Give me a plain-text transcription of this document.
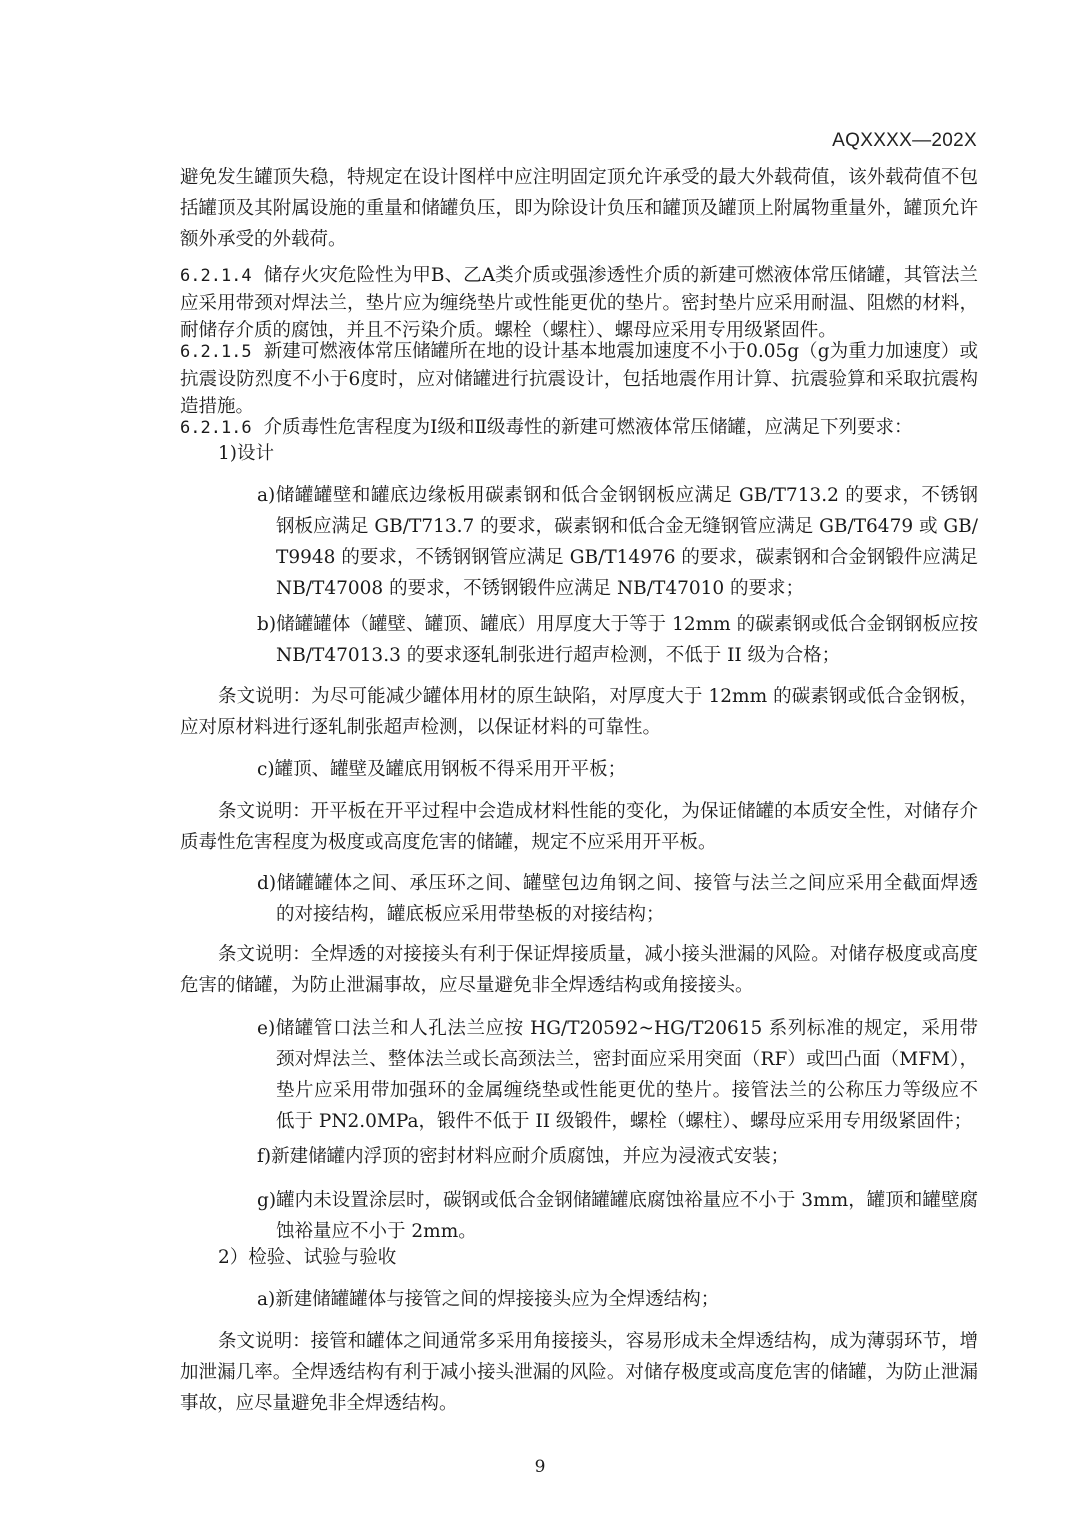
AQXXXX—202X
避免发生罐顶失稳，特规定在设计图样中应注明固定顶允许承受的最大外载荷值，该外载荷值不包括罐顶及其附属设施的重量和储罐负压，即为除设计负压和罐顶及罐顶上附属物重量外，罐顶允许额外承受的外载荷。
6.2.1.4 储存火灾危险性为甲B、乙A类介质或强渗透性介质的新建可燃液体常压储罐，其管法兰应采用带颈对焊法兰，垫片应为缠绕垫片或性能更优的垫片。密封垫片应采用耐温、阻燃的材料，耐储存介质的腐蚀，并且不污染介质。螺栓（螺柱）、螺母应采用专用级紧固件。
6.2.1.5 新建可燃液体常压储罐所在地的设计基本地震加速度不小于0.05g（g为重力加速度）或抗震设防烈度不小于6度时，应对储罐进行抗震设计，包括地震作用计算、抗震验算和采取抗震构造措施。
6.2.1.6 介质毒性危害程度为Ⅰ级和Ⅱ级毒性的新建可燃液体常压储罐，应满足下列要求：
1)设计
a)储罐罐壁和罐底边缘板用碳素钢和低合金钢钢板应满足 GB/T713.2 的要求，不锈钢钢板应满足 GB/T713.7 的要求，碳素钢和低合金无缝钢管应满足 GB/T6479 或 GB/T9948 的要求，不锈钢钢管应满足 GB/T14976 的要求，碳素钢和合金钢锻件应满足 NB/T47008 的要求，不锈钢锻件应满足 NB/T47010 的要求；
b)储罐罐体（罐壁、罐顶、罐底）用厚度大于等于 12mm 的碳素钢或低合金钢钢板应按 NB/T47013.3 的要求逐轧制张进行超声检测，不低于 II 级为合格；
条文说明：为尽可能减少罐体用材的原生缺陷，对厚度大于 12mm 的碳素钢或低合金钢板，应对原材料进行逐轧制张超声检测，以保证材料的可靠性。
c)罐顶、罐壁及罐底用钢板不得采用开平板；
条文说明：开平板在开平过程中会造成材料性能的变化，为保证储罐的本质安全性，对储存介质毒性危害程度为极度或高度危害的储罐，规定不应采用开平板。
d)储罐罐体之间、承压环之间、罐壁包边角钢之间、接管与法兰之间应采用全截面焊透的对接结构，罐底板应采用带垫板的对接结构；
条文说明：全焊透的对接接头有利于保证焊接质量，减小接头泄漏的风险。对储存极度或高度危害的储罐，为防止泄漏事故，应尽量避免非全焊透结构或角接接头。
e)储罐管口法兰和人孔法兰应按 HG/T20592~HG/T20615 系列标准的规定，采用带颈对焊法兰、整体法兰或长高颈法兰，密封面应采用突面（RF）或凹凸面（MFM），垫片应采用带加强环的金属缠绕垫或性能更优的垫片。接管法兰的公称压力等级应不低于 PN2.0MPa，锻件不低于 II 级锻件，螺栓（螺柱）、螺母应采用专用级紧固件；
f)新建储罐内浮顶的密封材料应耐介质腐蚀，并应为浸液式安装；
g)罐内未设置涂层时，碳钢或低合金钢储罐罐底腐蚀裕量应不小于 3mm，罐顶和罐壁腐蚀裕量应不小于 2mm。
2）检验、试验与验收
a)新建储罐罐体与接管之间的焊接接头应为全焊透结构；
条文说明：接管和罐体之间通常多采用角接接头，容易形成未全焊透结构，成为薄弱环节，增加泄漏几率。全焊透结构有利于减小接头泄漏的风险。对储存极度或高度危害的储罐，为防止泄漏事故，应尽量避免非全焊透结构。
9
